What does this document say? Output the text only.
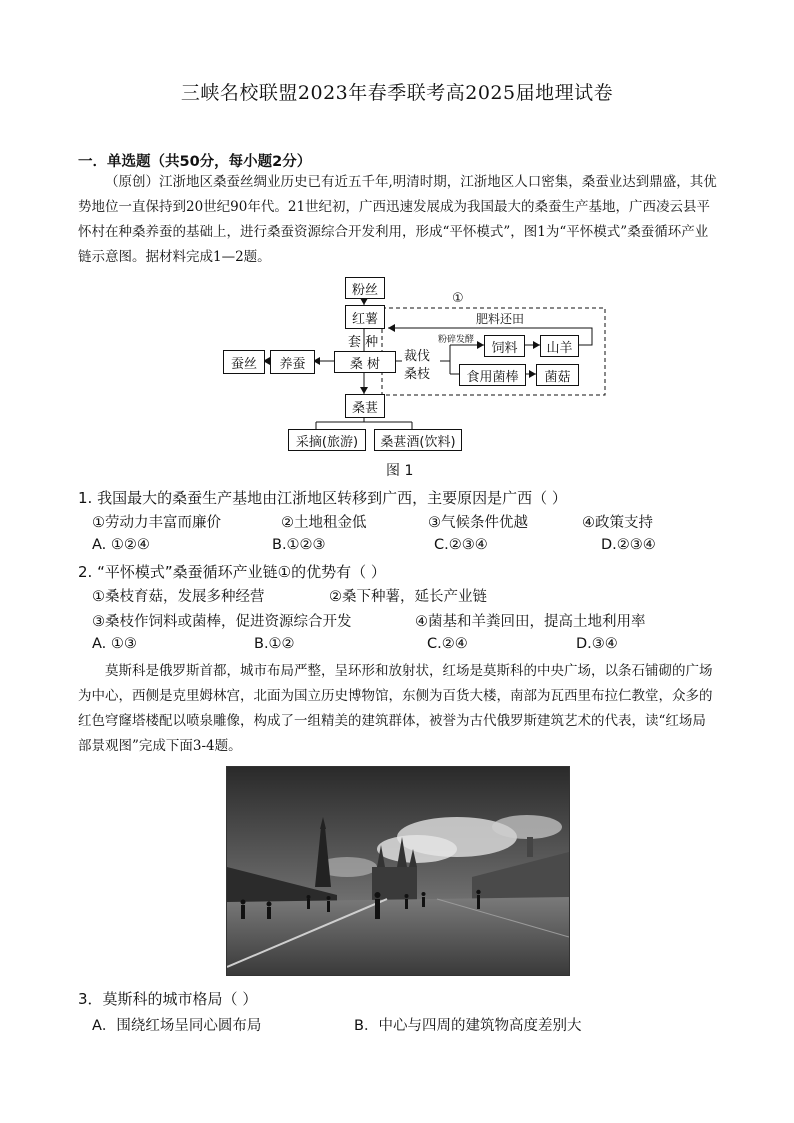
三峡名校联盟2023年春季联考高2025届地理试卷
一．单选题（共50分，每小题2分）
（原创）江浙地区桑蚕丝绸业历史已有近五千年,明清时期，江浙地区人口密集，桑蚕业达到鼎盛，其优势地位一直保持到20世纪90年代。21世纪初，广西迅速发展成为我国最大的桑蚕生产基地，广西凌云县平怀村在种桑养蚕的基础上，进行桑蚕资源综合开发利用，形成“平怀模式”，图1为“平怀模式”桑蚕循环产业链示意图。据材料完成1—2题。
粉丝
红薯
套 种
蚕丝	养蚕	桑 树	裁伐
桑枝
桑葚
采摘(旅游)	桑葚酒(饮料)
饲料	山羊
食用菌棒	菌菇
肥料还田
粉碎发酵
①
图 1
1. 我国最大的桑蚕生产基地由江浙地区转移到广西，主要原因是广西（ ）
①劳动力丰富而廉价	②土地租金低	③气候条件优越	④政策支持
A. ①②④	B.①②③	C.②③④	D.②③④
2. “平怀模式”桑蚕循环产业链①的优势有（ ）
①桑枝育菇，发展多种经营	②桑下种薯，延长产业链
③桑枝作饲料或菌棒，促进资源综合开发	④菌基和羊粪回田，提高土地利用率
A. ①③	B.①②	C.②④	D.③④
莫斯科是俄罗斯首都，城市布局严整，呈环形和放射状，红场是莫斯科的中央广场，以条石铺砌的广场为中心，西侧是克里姆林宫，北面为国立历史博物馆，东侧为百货大楼，南部为瓦西里布拉仁教堂，众多的红色穹窿塔楼配以喷泉雕像，构成了一组精美的建筑群体，被誉为古代俄罗斯建筑艺术的代表，读“红场局部景观图”完成下面3-4题。
3．莫斯科的城市格局（ ）
A．围绕红场呈同心圆布局	B．中心与四周的建筑物高度差别大
